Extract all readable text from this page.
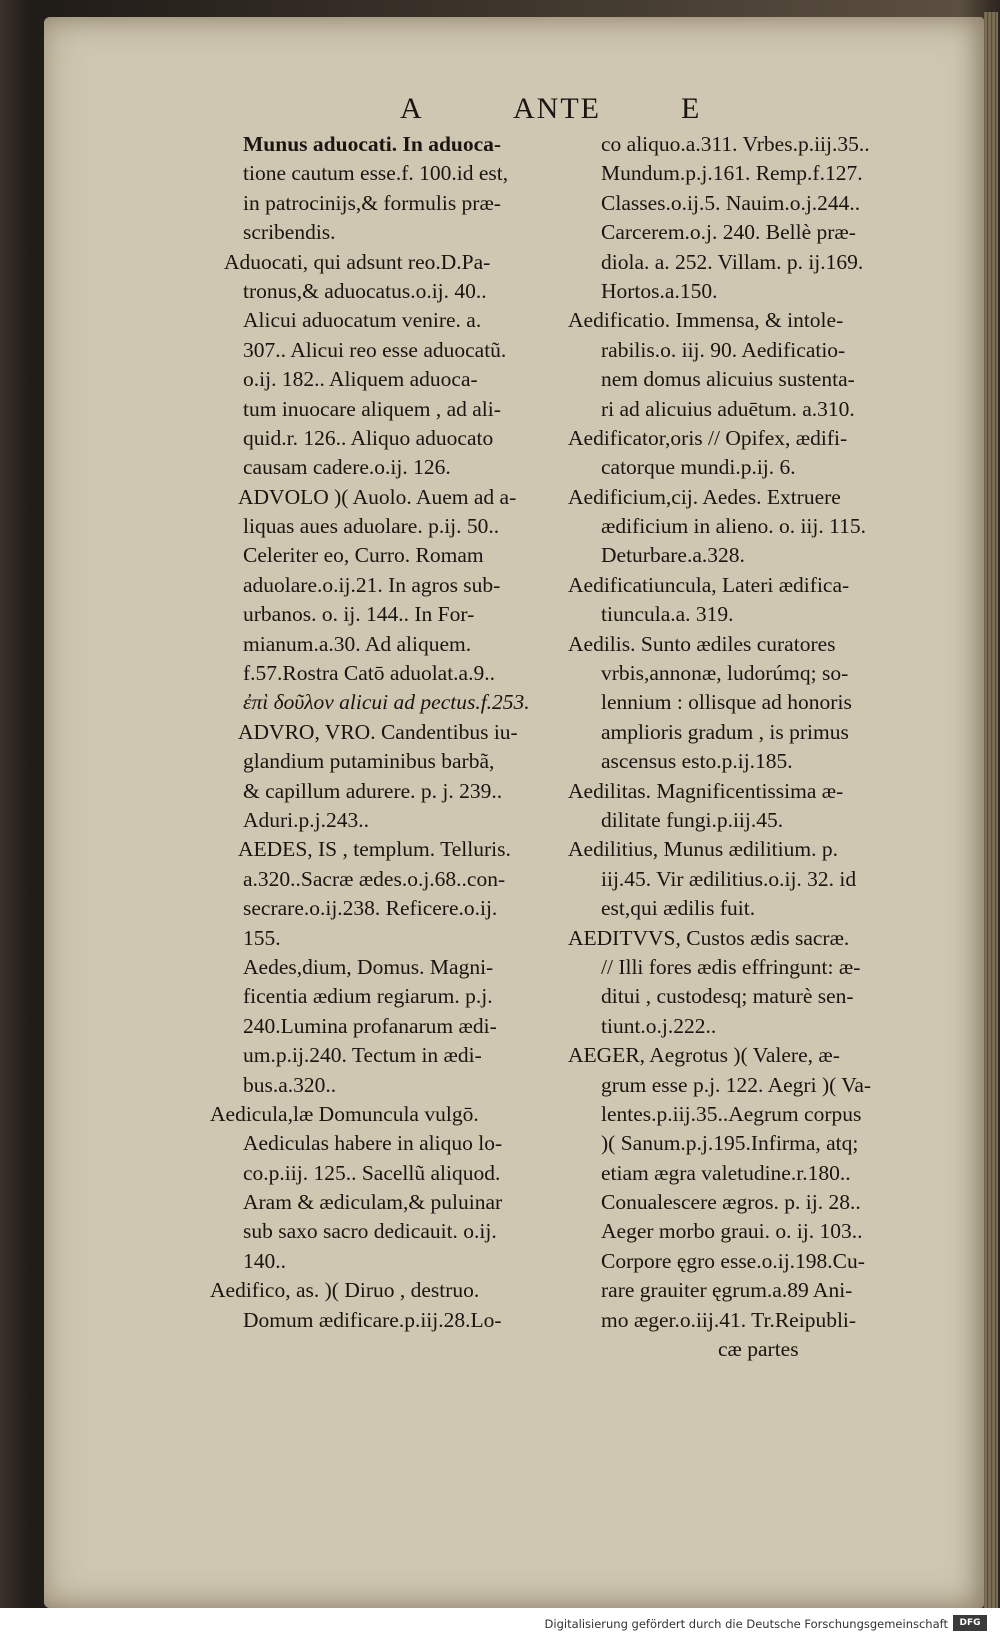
A	ANTE	E
Munus aduocati. In aduoca-
tione cautum esse.f. 100.id est,
in patrocinijs,& formulis præ-
scribendis.
Aduocati, qui adsunt reo.D.Pa-
tronus,& aduocatus.o.ij. 40..
Alicui aduocatum venire. a.
307.. Alicui reo esse aduocatũ.
o.ij. 182.. Aliquem aduoca-
tum inuocare aliquem , ad ali-
quid.r. 126.. Aliquo aduocato
causam cadere.o.ij. 126.
ADVOLO )( Auolo. Auem ad a-
liquas aues aduolare. p.ij. 50..
Celeriter eo, Curro. Romam
aduolare.o.ij.21. In agros sub-
urbanos. o. ij. 144.. In For-
mianum.a.30. Ad aliquem.
f.57.Rostra Catō aduolat.a.9..
ἐπὶ δοῦλον alicui ad pectus.f.253.
ADVRO, VRO. Candentibus iu-
glandium putaminibus barbã,
& capillum adurere. p. j. 239..
Aduri.p.j.243..
AEDES, IS , templum. Telluris.
a.320..Sacræ ædes.o.j.68..con-
secrare.o.ij.238. Reficere.o.ij.
155.
Aedes,dium, Domus. Magni-
ficentia ædium regiarum. p.j.
240.Lumina profanarum ædi-
um.p.ij.240. Tectum in ædi-
bus.a.320..
Aedicula,læ Domuncula vulgō.
Aediculas habere in aliquo lo-
co.p.iij. 125.. Sacellũ aliquod.
Aram & ædiculam,& puluinar
sub saxo sacro dedicauit. o.ij.
140..
Aedifico, as. )( Diruo , destruo.
Domum ædificare.p.iij.28.Lo-
co aliquo.a.311. Vrbes.p.iij.35..
Mundum.p.j.161. Remp.f.127.
Classes.o.ij.5. Nauim.o.j.244..
Carcerem.o.j. 240. Bellè præ-
diola. a. 252. Villam. p. ij.169.
Hortos.a.150.
Aedificatio. Immensa, & intole-
rabilis.o. iij. 90. Aedificatio-
nem domus alicuius sustenta-
ri ad alicuius aduētum. a.310.
Aedificator,oris // Opifex, ædifi-
catorque mundi.p.ij. 6.
Aedificium,cij. Aedes. Extruere
ædificium in alieno. o. iij. 115.
Deturbare.a.328.
Aedificatiuncula, Lateri ædifica-
tiuncula.a. 319.
Aedilis. Sunto ædiles curatores
vrbis,annonæ, ludorúmq; so-
lennium : ollisque ad honoris
amplioris gradum , is primus
ascensus esto.p.ij.185.
Aedilitas. Magnificentissima æ-
dilitate fungi.p.iij.45.
Aedilitius, Munus ædilitium. p.
iij.45. Vir ædilitius.o.ij. 32. id
est,qui ædilis fuit.
AEDITVVS, Custos ædis sacræ.
// Illi fores ædis effringunt: æ-
ditui , custodesq; maturè sen-
tiunt.o.j.222..
AEGER, Aegrotus )( Valere, æ-
grum esse p.j. 122. Aegri )( Va-
lentes.p.iij.35..Aegrum corpus
)( Sanum.p.j.195.Infirma, atq;
etiam ægra valetudine.r.180..
Conualescere ægros. p. ij. 28..
Aeger morbo graui. o. ij. 103..
Corpore ęgro esse.o.ij.198.Cu-
rare grauiter ęgrum.a.89 Ani-
mo æger.o.iij.41. Tr.Reipubli-
cæ partes
Digitalisierung gefördert durch die Deutsche Forschungsgemeinschaft	DFG
